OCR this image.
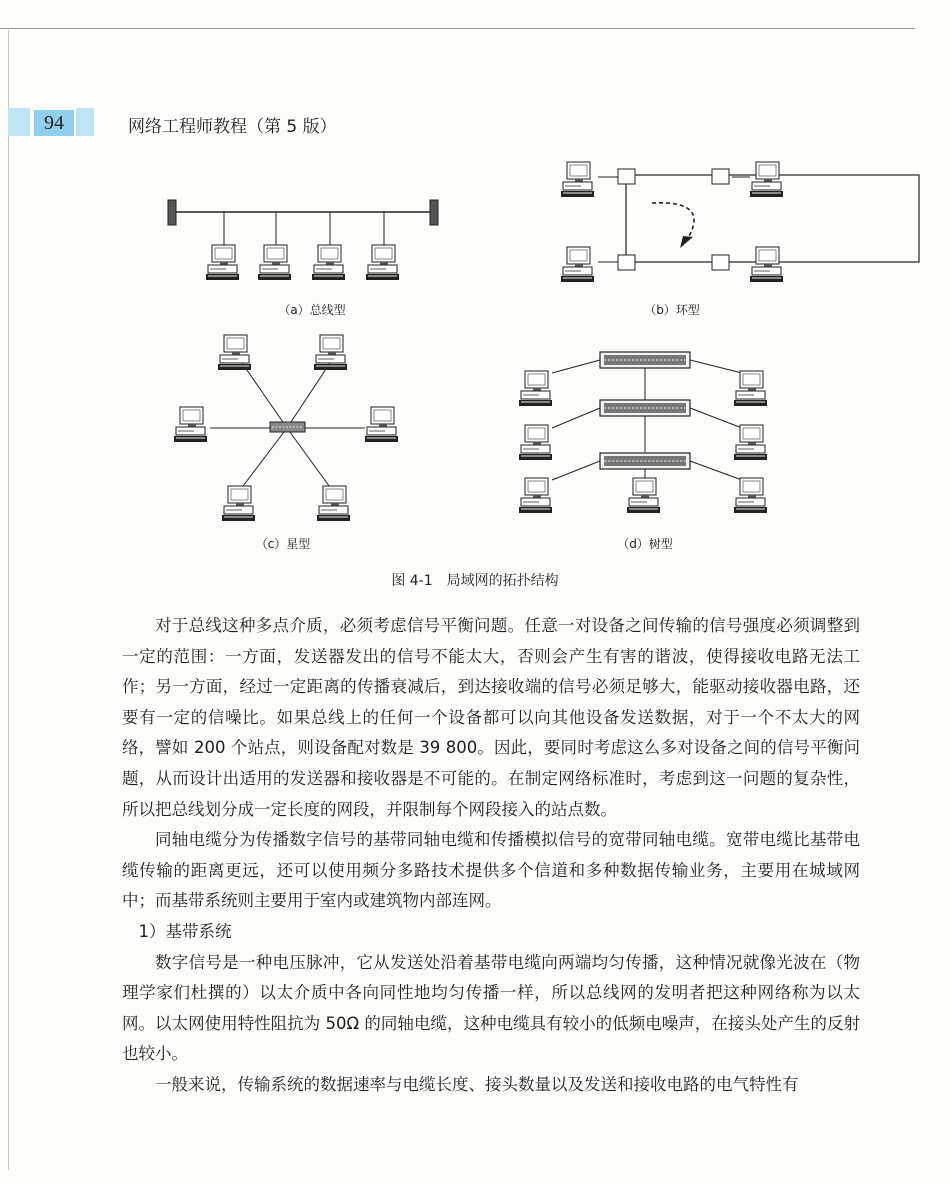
94	网络工程师教程（第 5 版）
（a）总线型	（b）环型
（c）星型	（d）树型
图 4-1　局域网的拓扑结构

对于总线这种多点介质，必须考虑信号平衡问题。任意一对设备之间传输的信号强度必须调整到一定的范围：一方面，发送器发出的信号不能太大，否则会产生有害的谐波，使得接收电路无法工作；另一方面，经过一定距离的传播衰减后，到达接收端的信号必须足够大，能驱动接收器电路，还要有一定的信噪比。如果总线上的任何一个设备都可以向其他设备发送数据，对于一个不太大的网络，譬如 200 个站点，则设备配对数是 39 800。因此，要同时考虑这么多对设备之间的信号平衡问题，从而设计出适用的发送器和接收器是不可能的。在制定网络标准时，考虑到这一问题的复杂性，所以把总线划分成一定长度的网段，并限制每个网段接入的站点数。

同轴电缆分为传播数字信号的基带同轴电缆和传播模拟信号的宽带同轴电缆。宽带电缆比基带电缆传输的距离更远，还可以使用频分多路技术提供多个信道和多种数据传输业务，主要用在城域网中；而基带系统则主要用于室内或建筑物内部连网。

1）基带系统

数字信号是一种电压脉冲，它从发送处沿着基带电缆向两端均匀传播，这种情况就像光波在（物理学家们杜撰的）以太介质中各向同性地均匀传播一样，所以总线网的发明者把这种网络称为以太网。以太网使用特性阻抗为 50Ω 的同轴电缆，这种电缆具有较小的低频电噪声，在接头处产生的反射也较小。

一般来说，传输系统的数据速率与电缆长度、接头数量以及发送和接收电路的电气特性有
